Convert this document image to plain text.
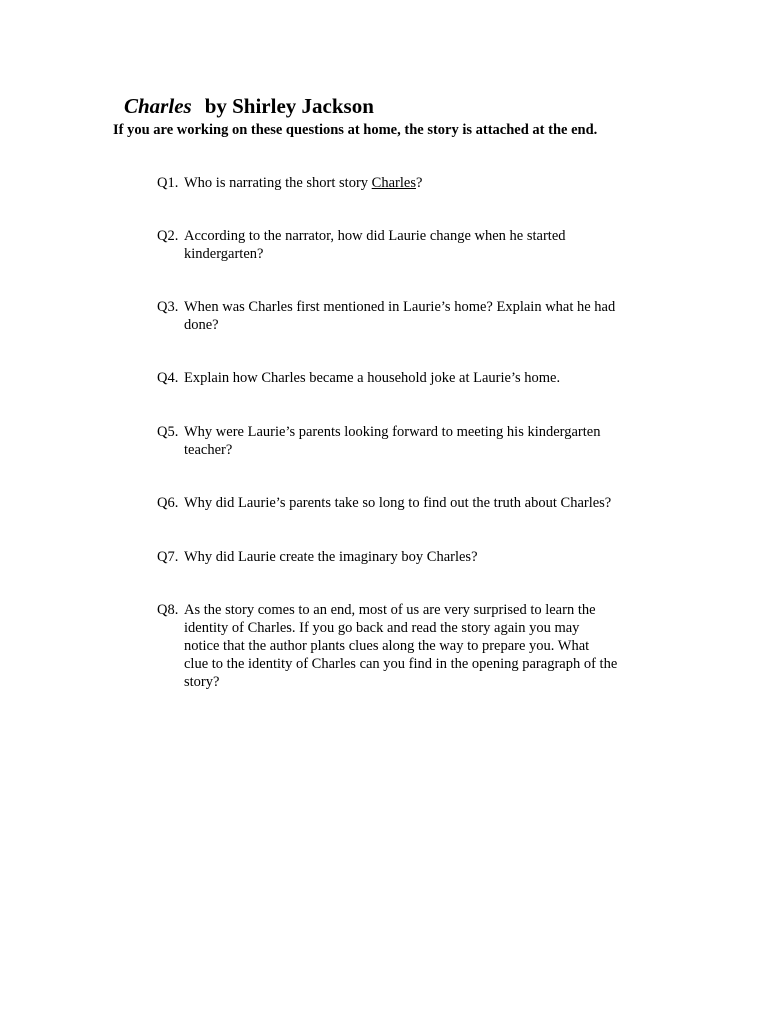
Charles by Shirley Jackson
If you are working on these questions at home, the story is attached at the end.
Q1. Who is narrating the short story Charles?
Q2. According to the narrator, how did Laurie change when he started
kindergarten?
Q3. When was Charles first mentioned in Laurie’s home? Explain what he had
done?
Q4. Explain how Charles became a household joke at Laurie’s home.
Q5. Why were Laurie’s parents looking forward to meeting his kindergarten
teacher?
Q6. Why did Laurie’s parents take so long to find out the truth about Charles?
Q7. Why did Laurie create the imaginary boy Charles?
Q8. As the story comes to an end, most of us are very surprised to learn the
identity of Charles. If you go back and read the story again you may
notice that the author plants clues along the way to prepare you. What
clue to the identity of Charles can you find in the opening paragraph of the
story?
